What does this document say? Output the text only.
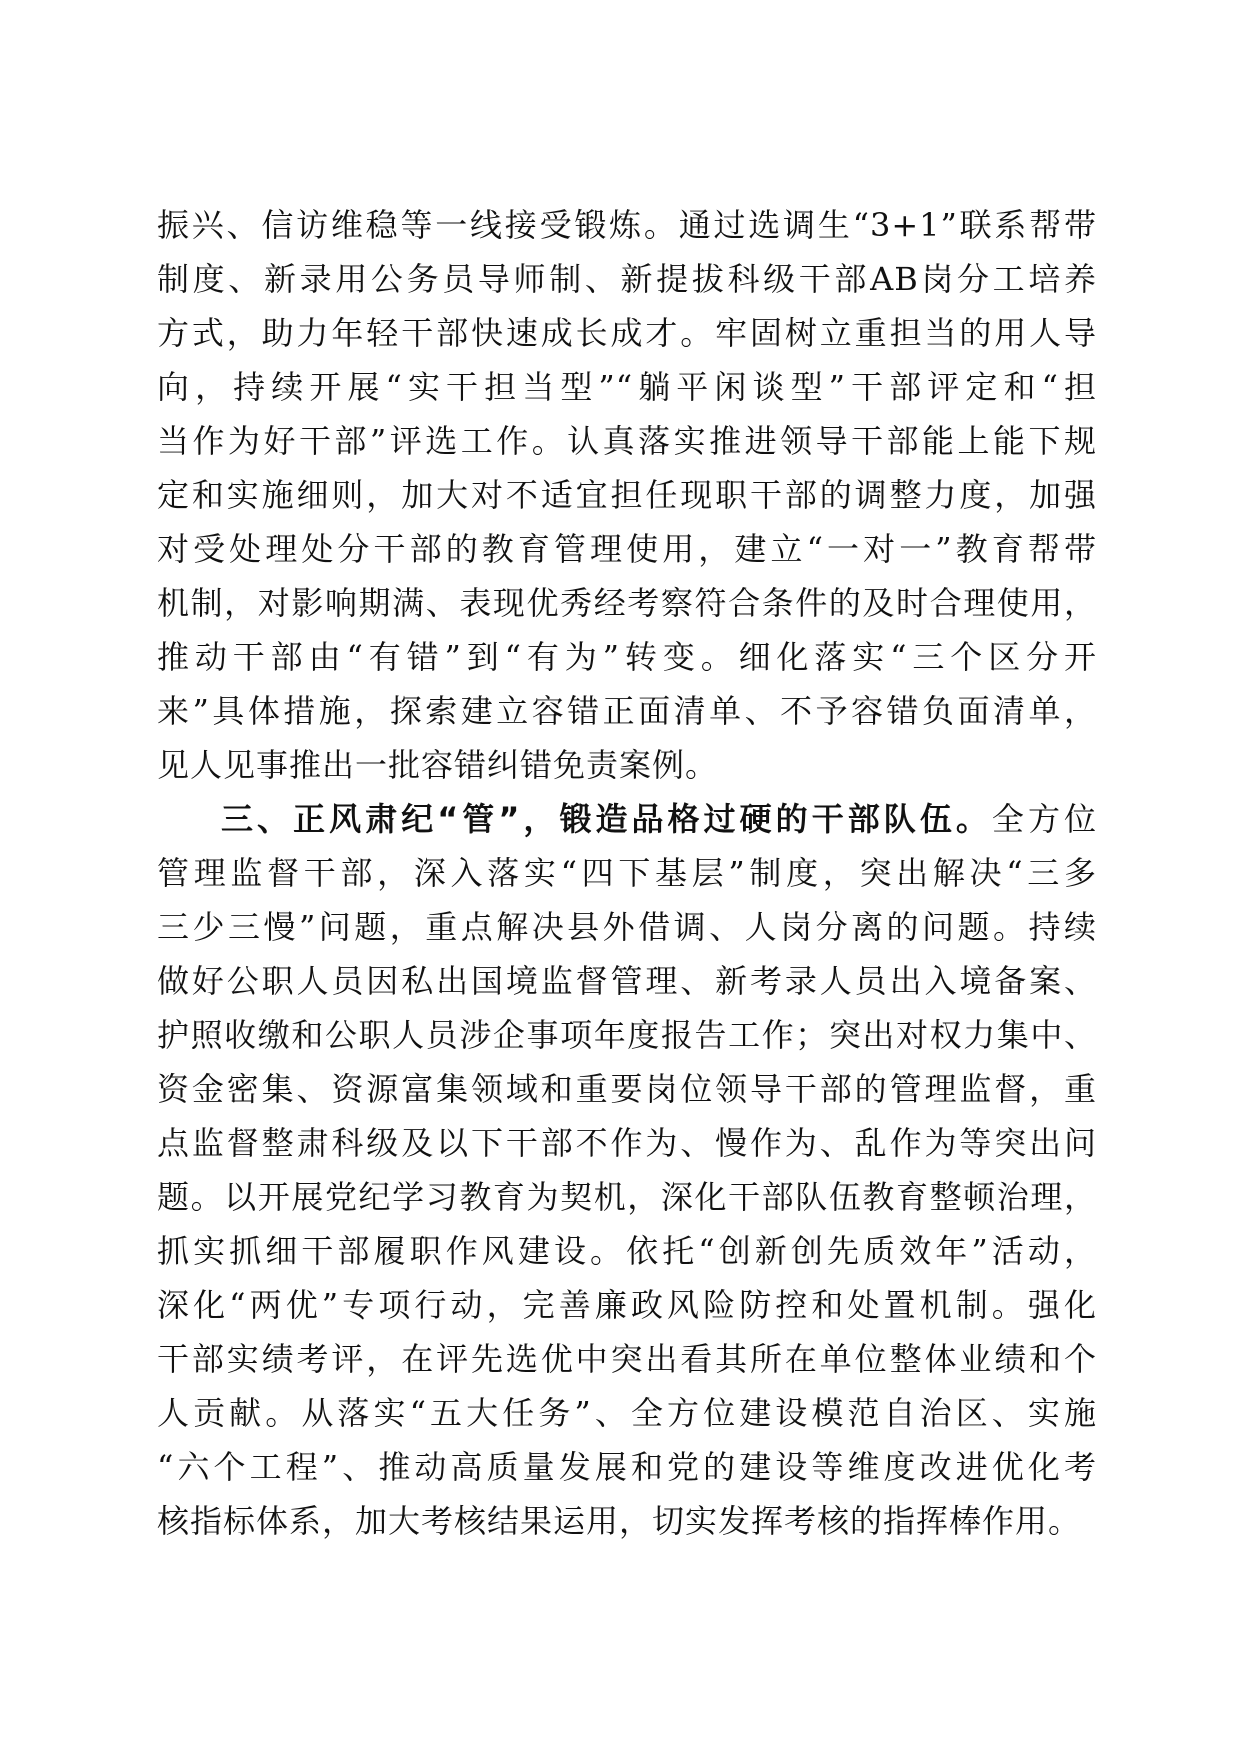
振兴、信访维稳等一线接受锻炼。通过选调生“3+1”联系帮带
制度、新录用公务员导师制、新提拔科级干部AB岗分工培养
方式，助力年轻干部快速成长成才。牢固树立重担当的用人导
向，持续开展“实干担当型”“躺平闲谈型”干部评定和“担
当作为好干部”评选工作。认真落实推进领导干部能上能下规
定和实施细则，加大对不适宜担任现职干部的调整力度，加强
对受处理处分干部的教育管理使用，建立“一对一”教育帮带
机制，对影响期满、表现优秀经考察符合条件的及时合理使用，
推动干部由“有错”到“有为”转变。细化落实“三个区分开
来”具体措施，探索建立容错正面清单、不予容错负面清单，
见人见事推出一批容错纠错免责案例。
三、正风肃纪“管”，锻造品格过硬的干部队伍。全方位
管理监督干部，深入落实“四下基层”制度，突出解决“三多
三少三慢”问题，重点解决县外借调、人岗分离的问题。持续
做好公职人员因私出国境监督管理、新考录人员出入境备案、
护照收缴和公职人员涉企事项年度报告工作；突出对权力集中、
资金密集、资源富集领域和重要岗位领导干部的管理监督，重
点监督整肃科级及以下干部不作为、慢作为、乱作为等突出问
题。以开展党纪学习教育为契机，深化干部队伍教育整顿治理，
抓实抓细干部履职作风建设。依托“创新创先质效年”活动，
深化“两优”专项行动，完善廉政风险防控和处置机制。强化
干部实绩考评，在评先选优中突出看其所在单位整体业绩和个
人贡献。从落实“五大任务”、全方位建设模范自治区、实施
“六个工程”、推动高质量发展和党的建设等维度改进优化考
核指标体系，加大考核结果运用，切实发挥考核的指挥棒作用。
